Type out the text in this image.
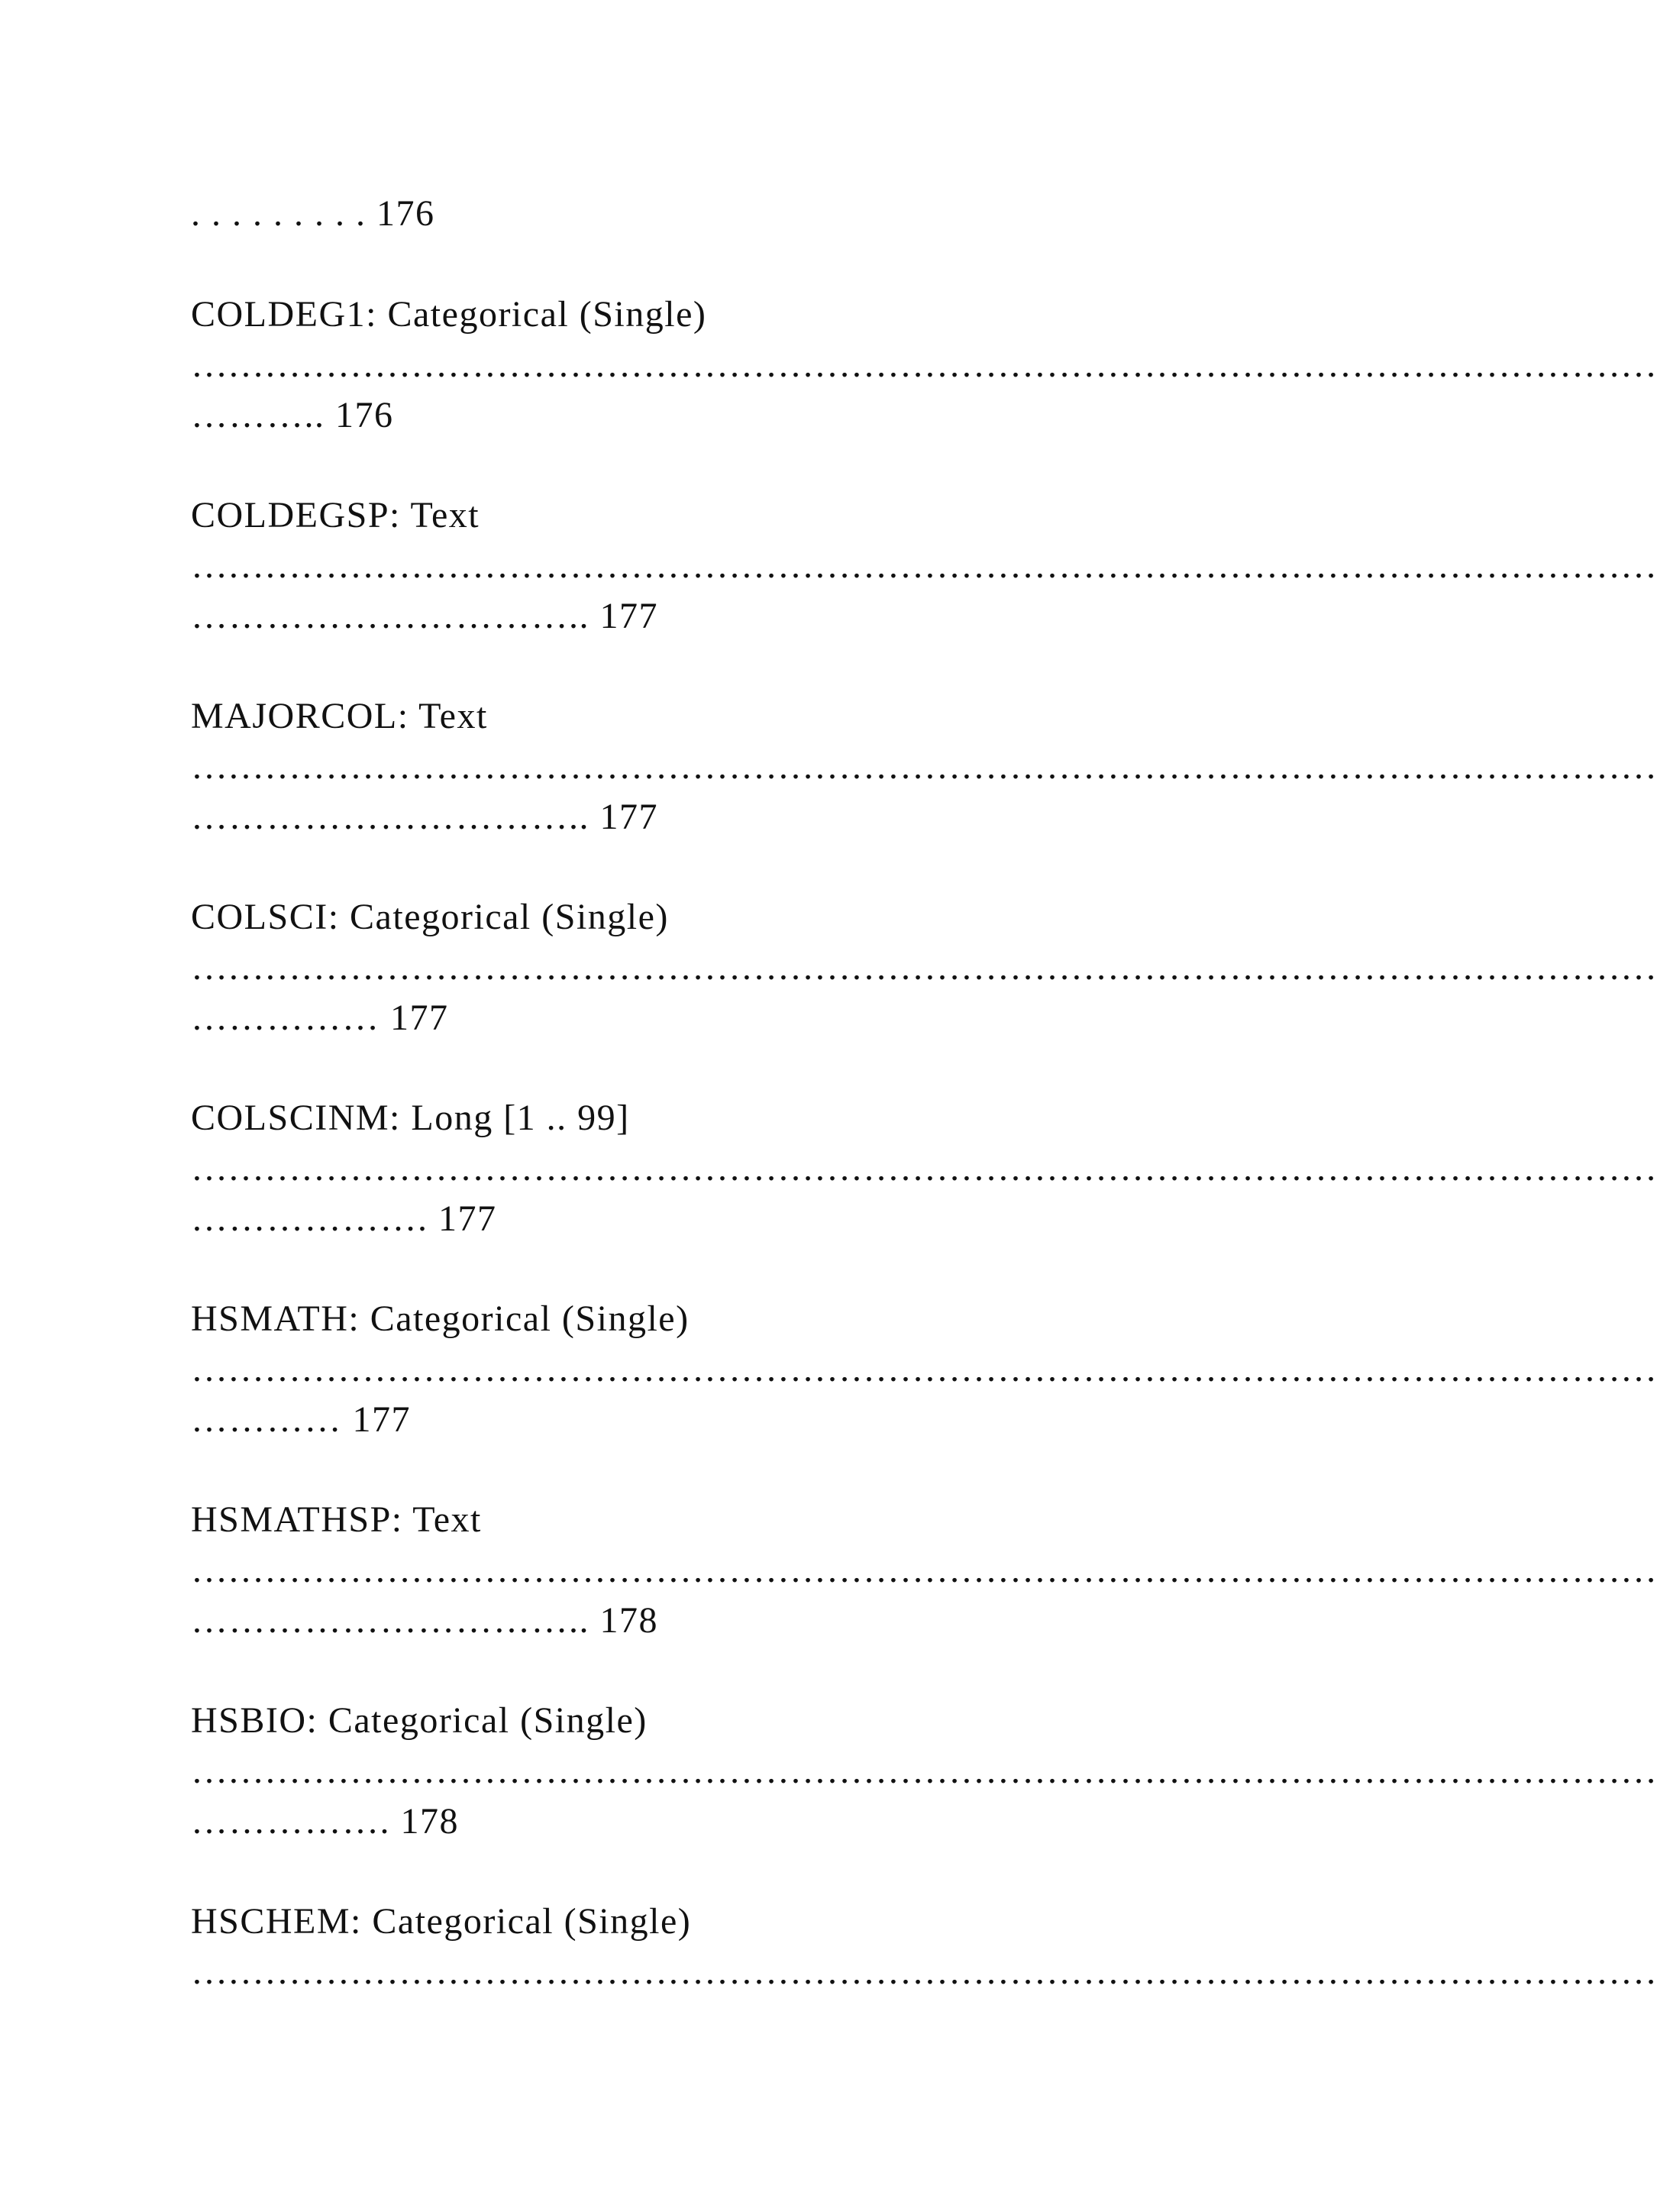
. . . . . . . . . 176
COLDEG1: Categorical (Single)
…………………………………………………………………………………………………………
……….. 176
COLDEGSP: Text
…………………………………………………………………………………………………………
………………………….. 177
MAJORCOL: Text
…………………………………………………………………………………………………………
………………………….. 177
COLSCI: Categorical (Single)
…………………………………………………………………………………………………………
…………… 177
COLSCINM: Long [1 .. 99]
…………………………………………………………………………………………………………
………………. 177
HSMATH: Categorical (Single)
…………………………………………………………………………………………………………
………… 177
HSMATHSP: Text
…………………………………………………………………………………………………………
………………………….. 178
HSBIO: Categorical (Single)
…………………………………………………………………………………………………………
……………. 178
HSCHEM: Categorical (Single)
…………………………………………………………………………………………………………
